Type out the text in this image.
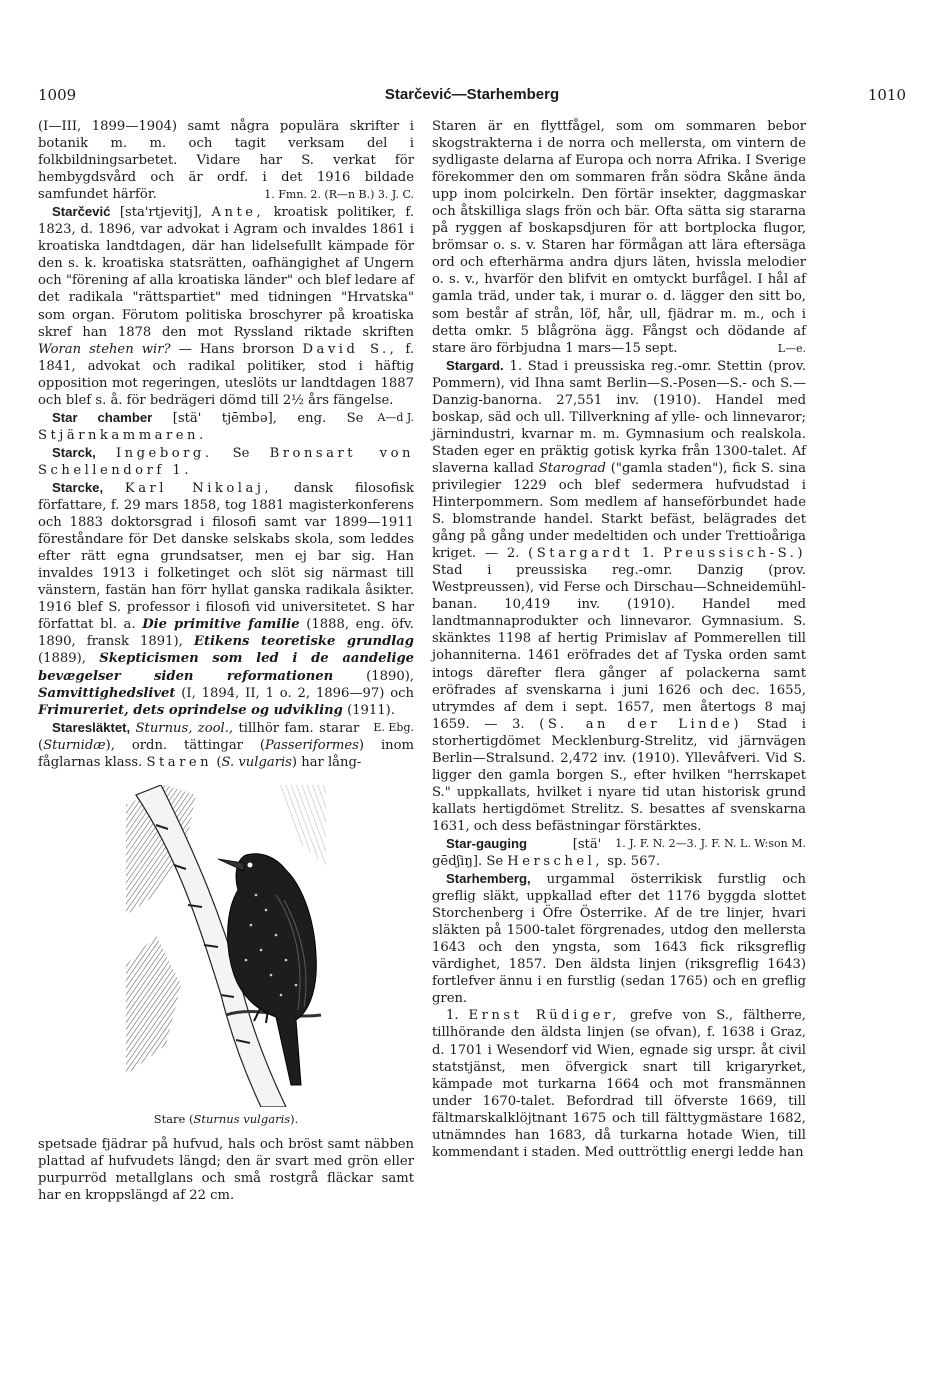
1009	Starčević—Starhemberg	1010

(I—III, 1899—1904) samt några populära skrifter i botanik m. m. och tagit verksam del i folkbildningsarbetet. Vidare har S. verkat för hembygdsvård och är ordf. i det 1916 bildade samfundet härför.	1. Fmn. 2. (R—n B.) 3. J. C.

Starčević [sta'rtjevitj], Ante, kroatisk politiker, f. 1823, d. 1896, var advokat i Agram och invaldes 1861 i kroatiska landtdagen, där han lidelsefullt kämpade för den s. k. kroatiska statsrätten, oafhängighet af Ungern och "förening af alla kroatiska länder" och blef ledare af det radikala "rättspartiet" med tidningen "Hrvatska" som organ. Förutom politiska broschyrer på kroatiska skref han 1878 den mot Ryssland riktade skriften Woran stehen wir? — Hans brorson David S., f. 1841, advokat och radikal politiker, stod i häftig opposition mot regeringen, uteslöts ur landtdagen 1887 och blef s. å. för bedrägeri dömd till 2½ års fängelse.
A—d J.

Star chamber [stä' tjēmbə], eng. Se Stjärnkammaren.

Starck, Ingeborg. Se Bronsart von Schellendorf 1.

Starcke, Karl Nikolaj, dansk filosofisk författare, f. 29 mars 1858, tog 1881 magisterkonferens och 1883 doktorsgrad i filosofi samt var 1899—1911 föreståndare för Det danske selskabs skola, som leddes efter rätt egna grundsatser, men ej bar sig. Han invaldes 1913 i folketinget och slöt sig närmast till vänstern, fastän han förr hyllat ganska radikala åsikter. 1916 blef S. professor i filosofi vid universitetet. S har författat bl. a. Die primitive familie (1888, eng. öfv. 1890, fransk 1891), Etikens teoretiske grundlag (1889), Skepticismen som led i de aandelige bevægelser siden reformationen	(1890), Samvittighedslivet (I, 1894, II, 1 o. 2, 1896—97) och Frimureriet, dets oprindelse og udvikling (1911).
E. Ebg.

Staresläktet, Sturnus, zool., tillhör fam. starar (Sturnidæ), ordn. tättingar (Passeriformes) inom fåglarnas klass. Staren (S. vulgaris) har lång-

Stare (Sturnus vulgaris).

spetsade fjädrar på hufvud, hals och bröst samt näbben plattad af hufvudets längd; den är svart med grön eller purpurröd metallglans och små rostgrå fläckar samt har en kroppslängd af 22 cm.

Staren är en flyttfågel, som om sommaren bebor skogstrakterna i de norra och mellersta, om vintern de sydligaste delarna af Europa och norra Afrika. I Sverige förekommer den om sommaren från södra Skåne ända upp inom polcirkeln. Den förtär insekter, daggmaskar och åtskilliga slags frön och bär. Ofta sätta sig stararna på ryggen af boskapsdjuren för att bortplocka flugor, brömsar o. s. v. Staren har förmågan att lära eftersäga ord och efterhärma andra djurs läten, hvissla melodier o. s. v., hvarför den blifvit en omtyckt burfågel. I hål af gamla träd, under tak, i murar o. d. lägger den sitt bo, som består af strån, löf, hår, ull, fjädrar m. m., och i detta omkr. 5 blågröna ägg. Fångst och dödande af stare äro förbjudna 1 mars—15 sept.	L—e.

Stargard. 1. Stad i preussiska reg.-omr. Stettin (prov. Pommern), vid Ihna samt Berlin—S.-Posen—S.- och S.—Danzig-banorna. 27,551 inv. (1910). Handel med boskap, säd och ull. Tillverkning af ylle- och linnevaror; järnindustri, kvarnar m. m. Gymnasium och realskola. Staden eger en präktig gotisk kyrka från 1300-talet. Af slaverna kallad Starograd ("gamla staden"), fick S. sina privilegier 1229 och blef sedermera hufvudstad i Hinterpommern. Som medlem af hanseförbundet hade S. blomstrande handel. Starkt befäst, belägrades det gång på gång under medeltiden och under Trettioåriga kriget. — 2. (Stargardt 1. Preussisch-S.) Stad i preussiska reg.-omr. Danzig (prov. Westpreussen), vid Ferse och Dirschau—Schneidemühl-banan. 10,419 inv. (1910). Handel med landtmannaprodukter och linnevaror. Gymnasium. S. skänktes 1198 af hertig Primislav af Pommerellen till johanniterna. 1461 eröfrades det af Tyska orden samt intogs därefter flera gånger af polackerna samt eröfrades af svenskarna i juni 1626 och dec. 1655, utrymdes af dem i sept. 1657, men återtogs 8 maj 1659. — 3. (S. an der Linde) Stad i storhertigdömet Mecklenburg-Strelitz, vid järnvägen Berlin—Stralsund. 2,472 inv. (1910). Yllevâfveri. Vid S. ligger den gamla borgen S., efter hvilken "herrskapet S." uppkallats, hvilket i nyare tid utan historisk grund kallats hertigdömet Strelitz. S. besattes af svenskarna 1631, och dess befästningar förstärktes.
1. J. F. N. 2—3. J. F. N. L. W:son M.

Star-gauging	[stä' gēdʃiŋ]. Se Herschel, sp. 567.

Starhemberg, urgammal österrikisk furstlig och greflig släkt, uppkallad efter det 1176 byggda slottet Storchenberg i Öfre Österrike. Af de tre linjer, hvari släkten på 1500-talet förgrenades, utdog den mellersta 1643 och den yngsta, som 1643 fick riksgreflig värdighet, 1857. Den äldsta linjen (riksgreflig 1643) fortlefver ännu i en furstlig (sedan 1765) och en greflig gren.

1. Ernst Rüdiger, grefve von S., fältherre, tillhörande den äldsta linjen (se ofvan), f. 1638 i Graz, d. 1701 i Wesendorf vid Wien, egnade sig urspr. åt civil statstjänst, men öfvergick snart till krigaryrket, kämpade mot turkarna 1664 och mot fransmännen under 1670-talet. Befordrad till öfverste 1669, till fältmarskalklöjtnant 1675 och till fälttygmästare 1682, utnämndes han 1683, då turkarna hotade Wien, till kommendant i staden. Med outtröttlig energi ledde han
